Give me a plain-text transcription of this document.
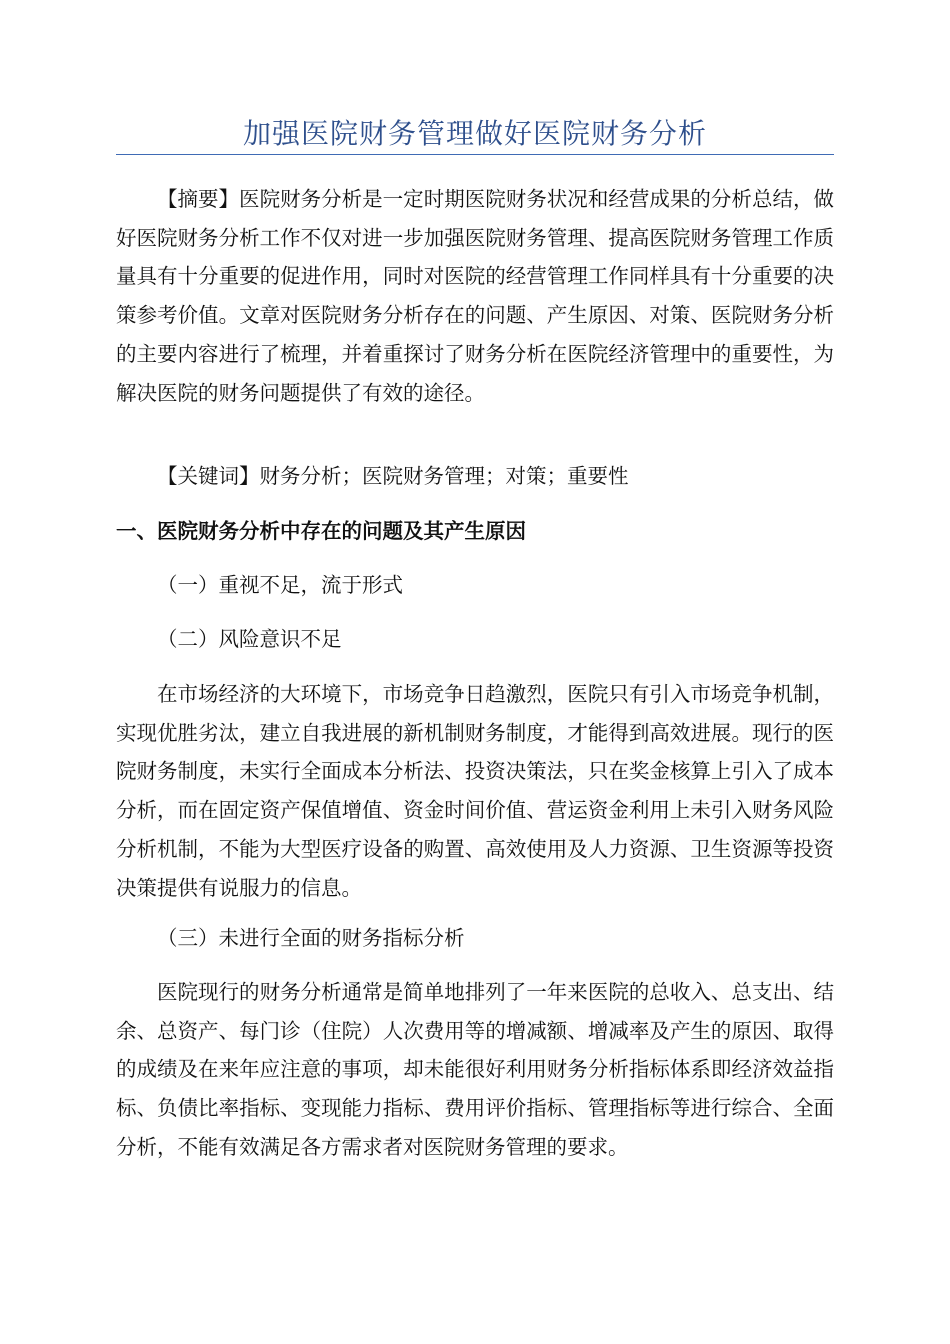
加强医院财务管理做好医院财务分析

【摘要】医院财务分析是一定时期医院财务状况和经营成果的分析总结，做好医院财务分析工作不仅对进一步加强医院财务管理、提高医院财务管理工作质量具有十分重要的促进作用，同时对医院的经营管理工作同样具有十分重要的决策参考价值。文章对医院财务分析存在的问题、产生原因、对策、医院财务分析的主要内容进行了梳理，并着重探讨了财务分析在医院经济管理中的重要性，为解决医院的财务问题提供了有效的途径。

【关键词】财务分析；医院财务管理；对策；重要性

一、医院财务分析中存在的问题及其产生原因

（一）重视不足，流于形式

（二）风险意识不足

在市场经济的大环境下，市场竞争日趋激烈，医院只有引入市场竞争机制，实现优胜劣汰，建立自我进展的新机制财务制度，才能得到高效进展。现行的医院财务制度，未实行全面成本分析法、投资决策法，只在奖金核算上引入了成本分析，而在固定资产保值增值、资金时间价值、营运资金利用上未引入财务风险分析机制，不能为大型医疗设备的购置、高效使用及人力资源、卫生资源等投资决策提供有说服力的信息。

（三）未进行全面的财务指标分析

医院现行的财务分析通常是简单地排列了一年来医院的总收入、总支出、结余、总资产、每门诊（住院）人次费用等的增减额、增减率及产生的原因、取得的成绩及在来年应注意的事项，却未能很好利用财务分析指标体系即经济效益指标、负债比率指标、变现能力指标、费用评价指标、管理指标等进行综合、全面分析，不能有效满足各方需求者对医院财务管理的要求。
